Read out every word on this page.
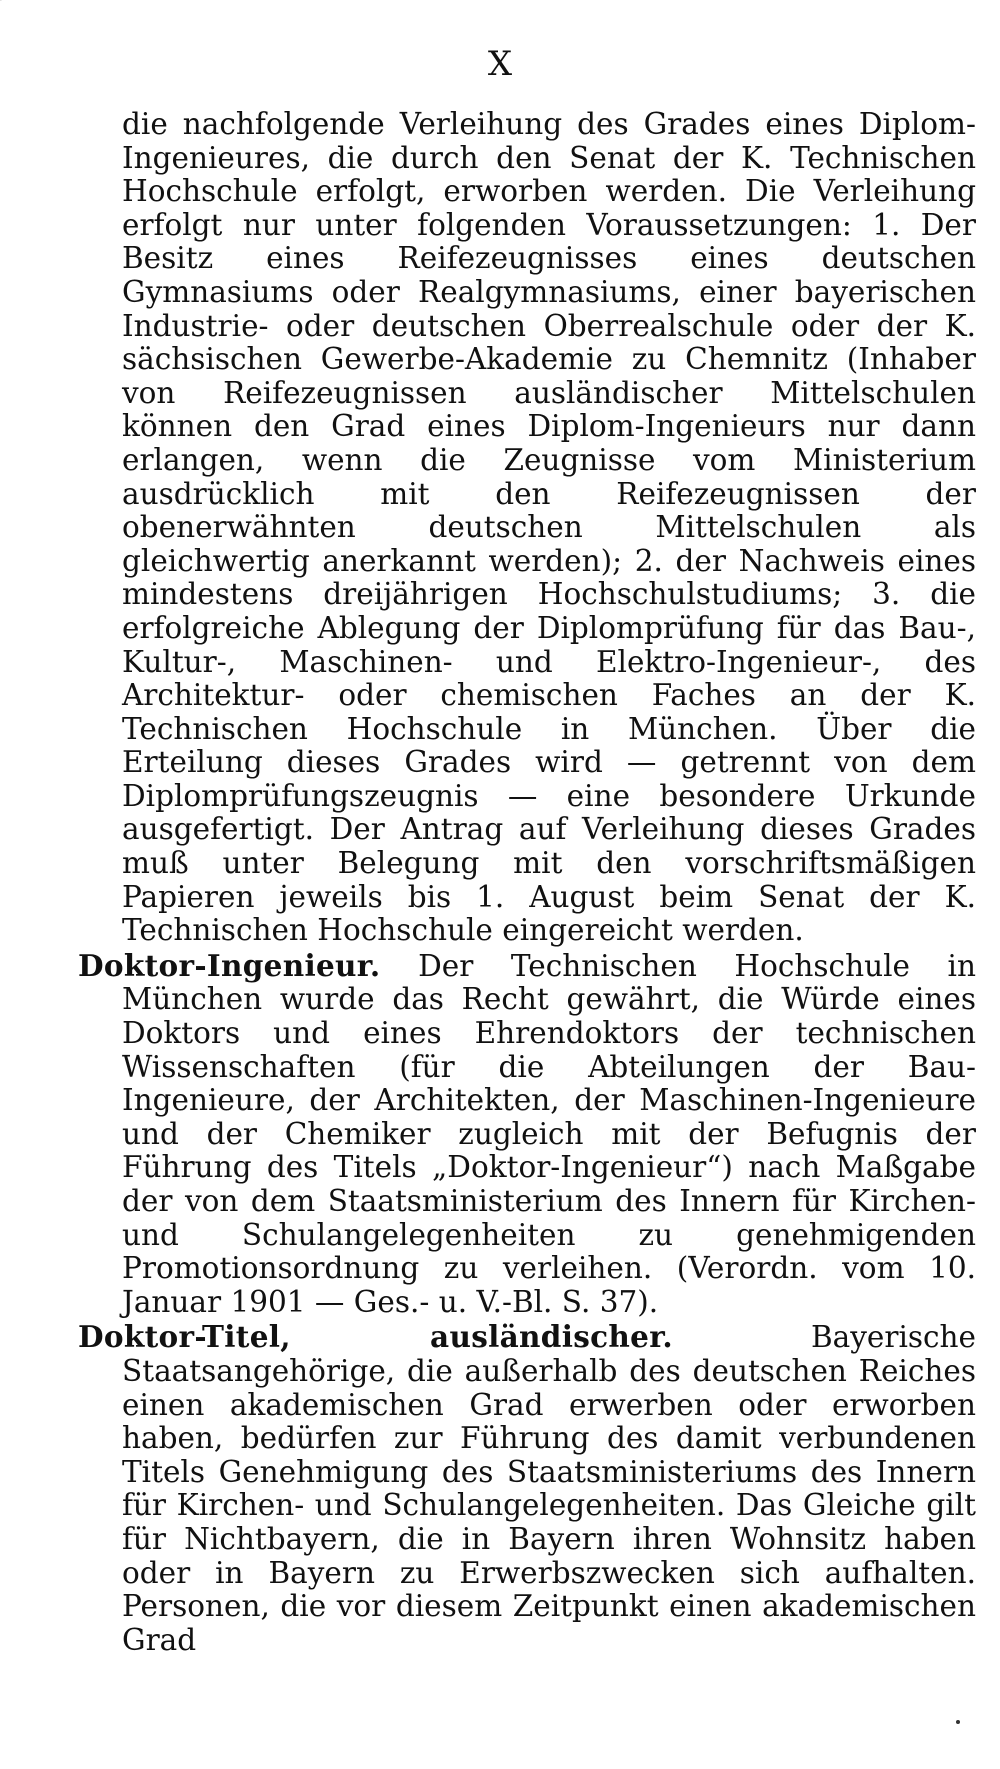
X

die nachfolgende Verleihung des Grades eines Diplom-Ingenieures, die durch den Senat der K. Technischen Hochschule erfolgt, erworben werden. Die Verleihung erfolgt nur unter folgenden Voraussetzungen: 1. Der Besitz eines Reifezeugnisses eines deutschen Gymnasiums oder Realgymnasiums, einer bayerischen Industrie- oder deutschen Oberrealschule oder der K. sächsischen Gewerbe-Akademie zu Chemnitz (Inhaber von Reifezeugnissen ausländischer Mittelschulen können den Grad eines Diplom-Ingenieurs nur dann erlangen, wenn die Zeugnisse vom Ministerium ausdrücklich mit den Reifezeugnissen der obenerwähnten deutschen Mittelschulen als gleichwertig anerkannt werden); 2. der Nachweis eines mindestens dreijährigen Hochschulstudiums; 3. die erfolgreiche Ablegung der Diplomprüfung für das Bau-, Kultur-, Maschinen- und Elektro-Ingenieur-, des Architektur- oder chemischen Faches an der K. Technischen Hochschule in München. Über die Erteilung dieses Grades wird — getrennt von dem Diplomprüfungszeugnis — eine besondere Urkunde ausgefertigt. Der Antrag auf Verleihung dieses Grades muß unter Belegung mit den vorschriftsmäßigen Papieren jeweils bis 1. August beim Senat der K. Technischen Hochschule eingereicht werden.

Doktor-Ingenieur. Der Technischen Hochschule in München wurde das Recht gewährt, die Würde eines Doktors und eines Ehrendoktors der technischen Wissenschaften (für die Abteilungen der Bau-Ingenieure, der Architekten, der Maschinen-Ingenieure und der Chemiker zugleich mit der Befugnis der Führung des Titels „Doktor-Ingenieur“) nach Maßgabe der von dem Staatsministerium des Innern für Kirchen- und Schulangelegenheiten zu genehmigenden Promotionsordnung zu verleihen. (Verordn. vom 10. Januar 1901 — Ges.- u. V.-Bl. S. 37).

Doktor-Titel, ausländischer.	Bayerische Staatsangehörige, die außerhalb des deutschen Reiches einen akademischen Grad erwerben oder erworben haben, bedürfen zur Führung des damit verbundenen Titels Genehmigung des Staatsministeriums des Innern für Kirchen- und Schulangelegenheiten. Das Gleiche gilt für Nichtbayern, die in Bayern ihren Wohnsitz haben oder in Bayern zu Erwerbszwecken sich aufhalten. Personen, die vor diesem Zeitpunkt einen akademischen Grad
